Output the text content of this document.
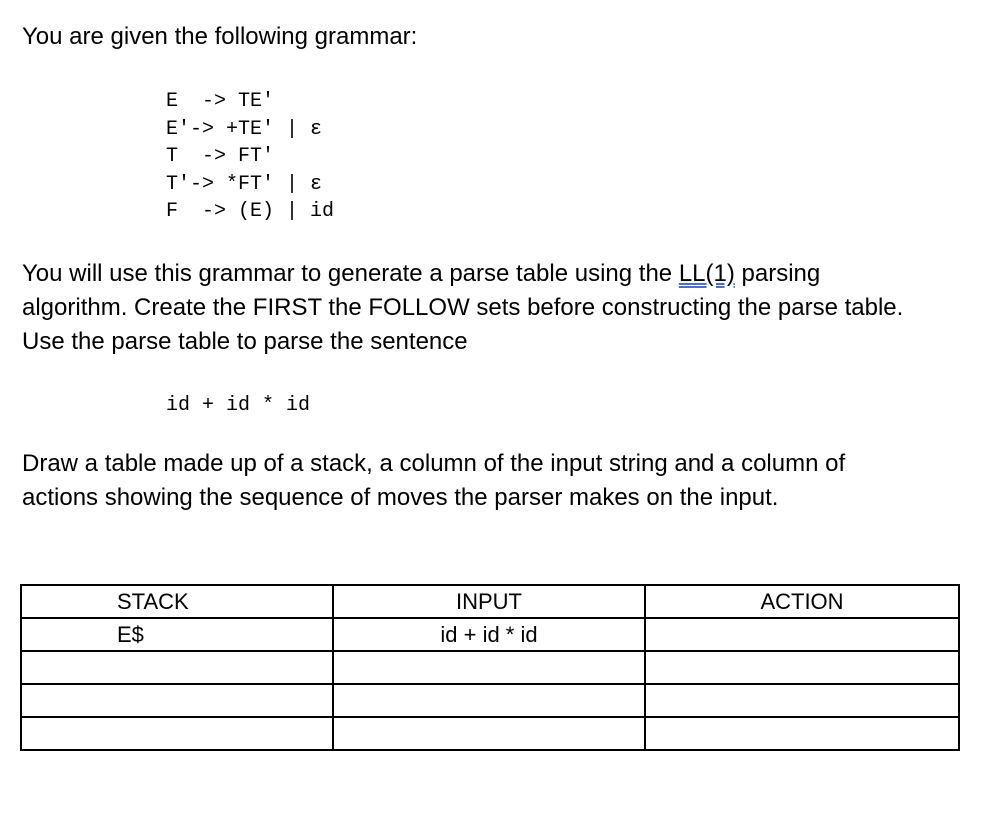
You are given the following grammar:

E  -> TE′
E′-> +TE′ | ε
T  -> FT′
T′-> *FT′ | ε
F  -> (E) | id
You will use this grammar to generate a parse table using the LL(1) parsing
algorithm. Create the FIRST the FOLLOW sets before constructing the parse table.
Use the parse table to parse the sentence
id + id * id
Draw a table made up of a stack, a column of the input string and a column of
actions showing the sequence of moves the parser makes on the input.
STACK	INPUT	ACTION
E$	id + id * id	
